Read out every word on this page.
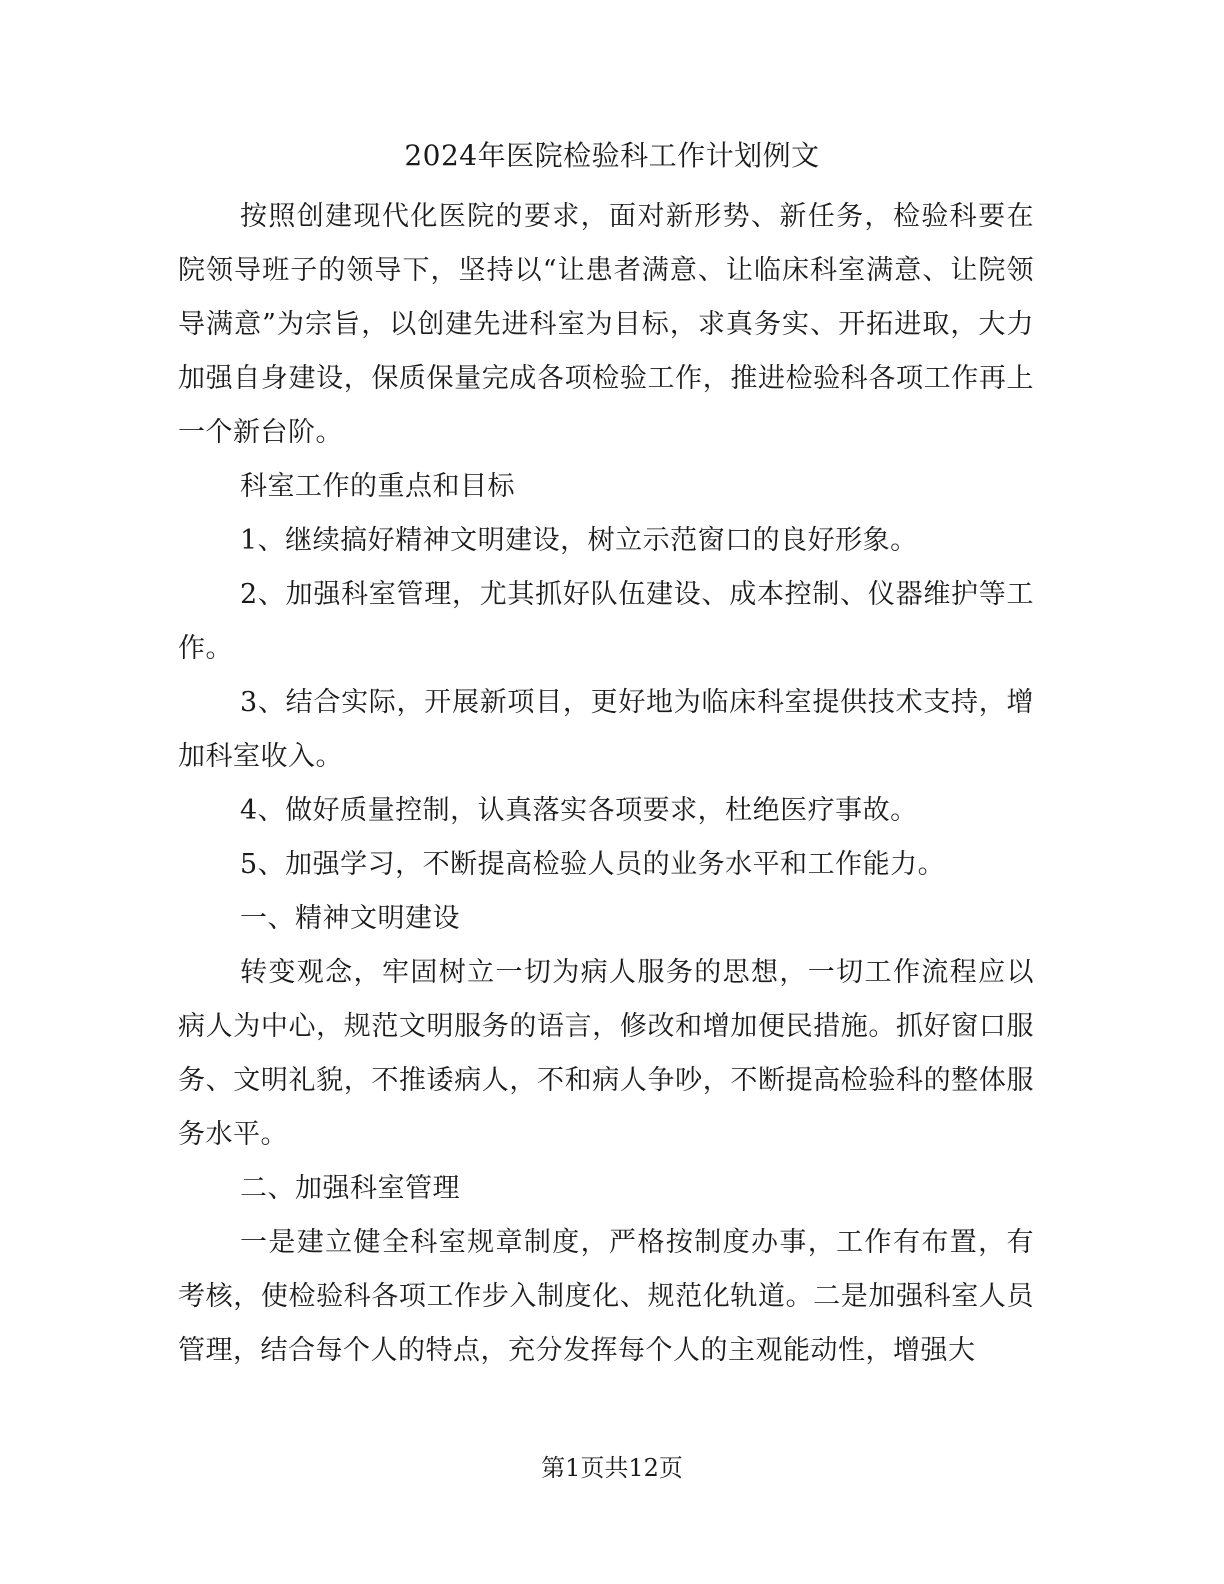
2024年医院检验科工作计划例文

按照创建现代化医院的要求，面对新形势、新任务，检验科要在院领导班子的领导下，坚持以“让患者满意、让临床科室满意、让院领导满意”为宗旨，以创建先进科室为目标，求真务实、开拓进取，大力加强自身建设，保质保量完成各项检验工作，推进检验科各项工作再上一个新台阶。

科室工作的重点和目标

1、继续搞好精神文明建设，树立示范窗口的良好形象。

2、加强科室管理，尤其抓好队伍建设、成本控制、仪器维护等工作。

3、结合实际，开展新项目，更好地为临床科室提供技术支持，增加科室收入。

4、做好质量控制，认真落实各项要求，杜绝医疗事故。

5、加强学习，不断提高检验人员的业务水平和工作能力。

一、精神文明建设

转变观念，牢固树立一切为病人服务的思想，一切工作流程应以病人为中心，规范文明服务的语言，修改和增加便民措施。抓好窗口服务、文明礼貌，不推诿病人，不和病人争吵，不断提高检验科的整体服务水平。

二、加强科室管理

一是建立健全科室规章制度，严格按制度办事，工作有布置，有考核，使检验科各项工作步入制度化、规范化轨道。二是加强科室人员管理，结合每个人的特点，充分发挥每个人的主观能动性，增强大

第1页共12页
